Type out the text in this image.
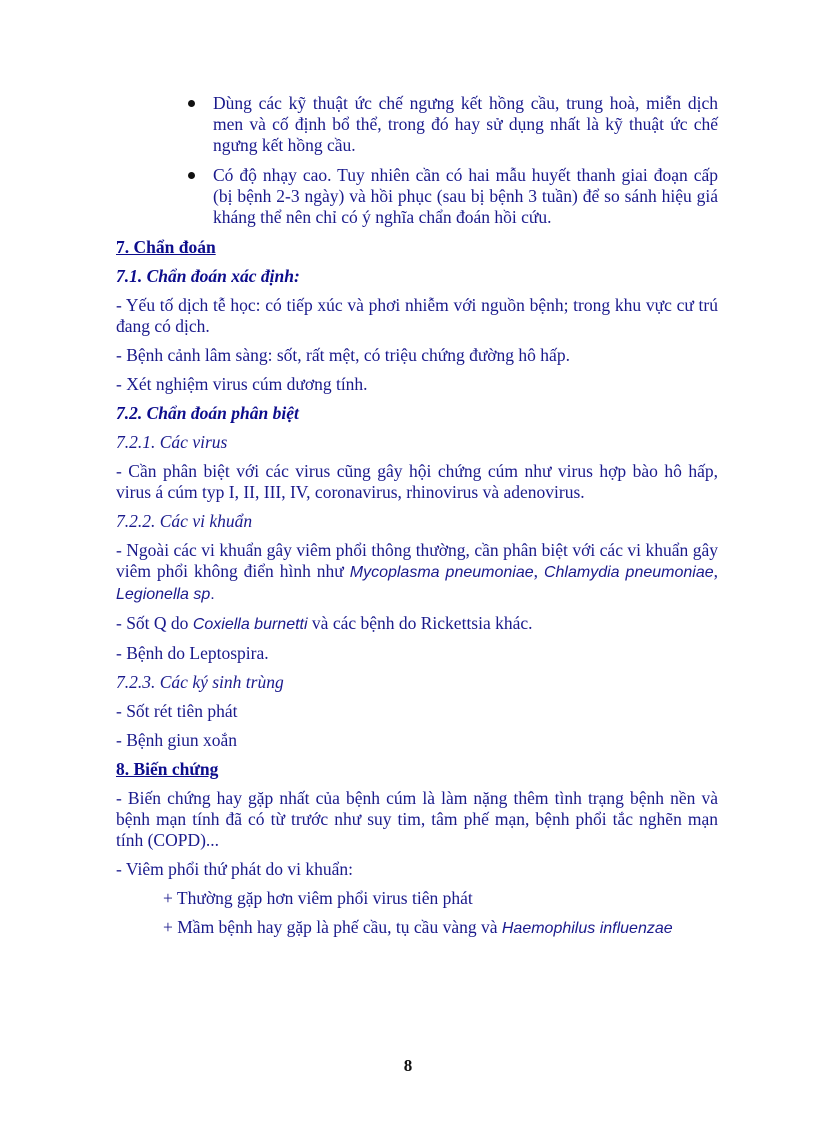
Dùng các kỹ thuật ức chế ngưng kết hồng cầu, trung hoà, miễn dịch men và cố định bổ thể, trong đó hay sử dụng nhất là kỹ thuật ức chế ngưng kết hồng cầu.
Có độ nhạy cao. Tuy nhiên cần có hai mẫu huyết thanh giai đoạn cấp (bị bệnh 2-3 ngày) và hồi phục (sau bị bệnh 3 tuần) để so sánh hiệu giá kháng thể nên chỉ có ý nghĩa chẩn đoán hồi cứu.

7. Chẩn đoán

7.1. Chẩn đoán xác định:

- Yếu tố dịch tễ học: có tiếp xúc và phơi nhiễm với nguồn bệnh; trong khu vực cư trú đang có dịch.

- Bệnh cảnh lâm sàng: sốt, rất mệt, có triệu chứng đường hô hấp.

- Xét nghiệm virus cúm dương tính.

7.2. Chẩn đoán phân biệt

7.2.1. Các virus

- Cần phân biệt với các virus cũng gây hội chứng cúm như virus hợp bào hô hấp, virus á cúm typ I, II, III, IV, coronavirus, rhinovirus và adenovirus.

7.2.2. Các vi khuẩn

- Ngoài các vi khuẩn gây viêm phổi thông thường, cần phân biệt với các vi khuẩn gây viêm phổi không điển hình như Mycoplasma pneumoniae, Chlamydia pneumoniae, Legionella sp.

- Sốt Q do Coxiella burnetti và các bệnh do Rickettsia khác.

- Bệnh do Leptospira.

7.2.3. Các ký sinh trùng

- Sốt rét tiên phát

- Bệnh giun xoắn

8. Biến chứng

- Biến chứng hay gặp nhất của bệnh cúm là làm nặng thêm tình trạng bệnh nền và bệnh mạn tính đã có từ trước như suy tim, tâm phế mạn, bệnh phổi tắc nghẽn mạn tính (COPD)...

- Viêm phổi thứ phát do vi khuẩn:

+ Thường gặp hơn viêm phổi virus tiên phát

+ Mầm bệnh hay gặp là phế cầu, tụ cầu vàng và Haemophilus influenzae

8
